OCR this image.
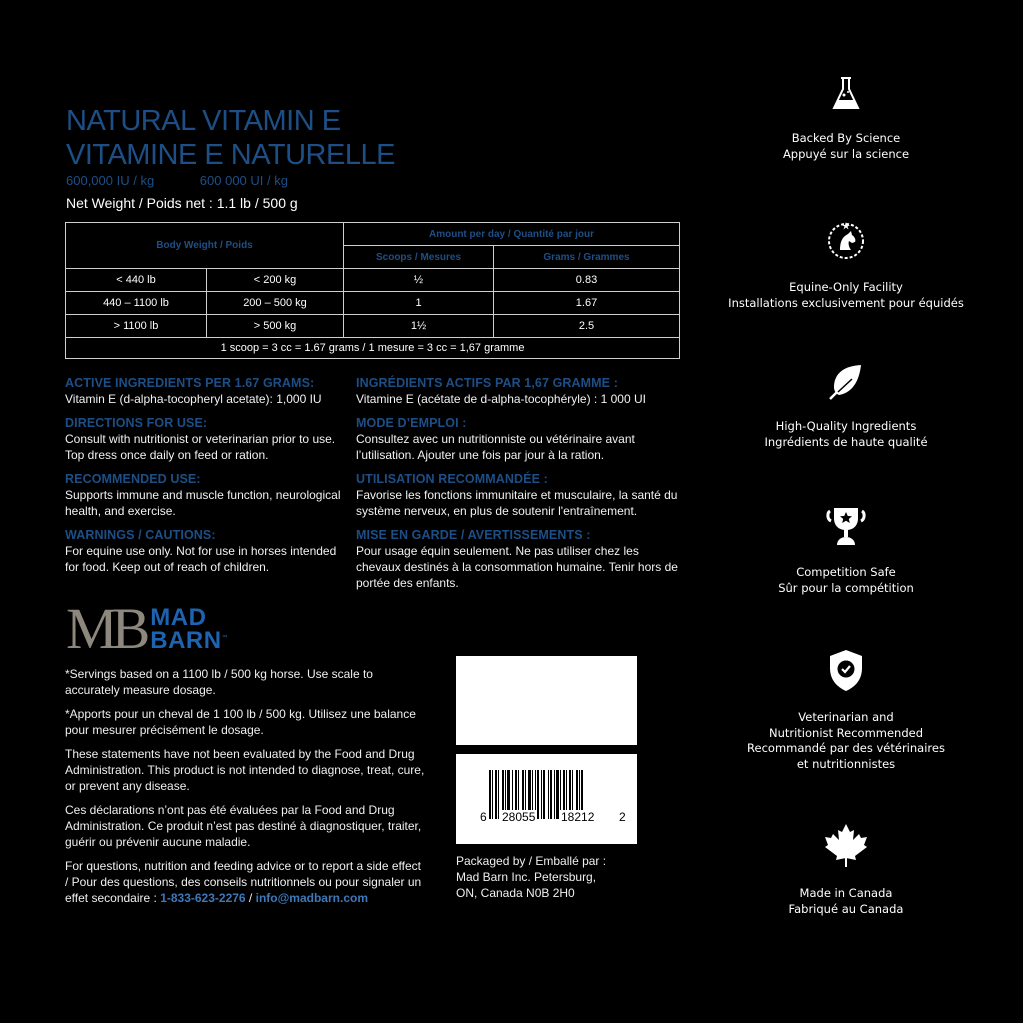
NATURAL VITAMIN E
VITAMINE E NATURELLE
600,000 IU / kg	600 000 UI / kg
Net Weight / Poids net : 1.1 lb / 500 g
Body Weight / Poids		Amount per day / Quantité par jour	
		Scoops / Mesures	Grams / Grammes
< 440 lb	< 200 kg	½	0.83
440 – 1100 lb	200 – 500 kg	1	1.67
> 1100 lb	> 500 kg	1½	2.5
1 scoop = 3 cc = 1.67 grams / 1 mesure = 3 cc = 1,67 gramme			
ACTIVE INGREDIENTS PER 1.67 GRAMS:

Vitamin E (d-alpha-tocopheryl acetate): 1,000 IU

DIRECTIONS FOR USE:

Consult with nutritionist or veterinarian prior to use. Top dress once daily on feed or ration.

RECOMMENDED USE:

Supports immune and muscle function, neurological health, and exercise.

WARNINGS / CAUTIONS:

For equine use only. Not for use in horses intended for food. Keep out of reach of children.

INGRÉDIENTS ACTIFS PAR 1,67 GRAMME :

Vitamine E (acétate de d-alpha-tocophéryle) : 1 000 UI

MODE D’EMPLOI :

Consultez avec un nutritionniste ou vétérinaire avant l’utilisation. Ajouter une fois par jour à la ration.

UTILISATION RECOMMANDÉE :

Favorise les fonctions immunitaire et musculaire, la santé du système nerveux, en plus de soutenir l'entraînement.

MISE EN GARDE / AVERTISSEMENTS :

Pour usage équin seulement. Ne pas utiliser chez les chevaux destinés à la consommation humaine. Tenir hors de portée des enfants.

MB MAD
BARN™

*Servings based on a 1100 lb / 500 kg horse. Use scale to accurately measure dosage.

*Apports pour un cheval de 1 100 lb / 500 kg. Utilisez une balance pour mesurer précisément le dosage.

These statements have not been evaluated by the Food and Drug Administration. This product is not intended to diagnose, treat, cure, or prevent any disease.

Ces déclarations n’ont pas été évaluées par la Food and Drug Administration. Ce produit n’est pas destiné à diagnostiquer, traiter, guérir ou prévenir aucune maladie.

For questions, nutrition and feeding advice or to report a side effect / Pour des questions, des conseils nutritionnels ou pour signaler un effet secondaire : 1-833-623-2276 / info@madbarn.com

6 28055 18212 2
Packaged by / Emballé par :
Mad Barn Inc. Petersburg,
ON, Canada N0B 2H0
Backed By Science
Appuyé sur la science
Equine-Only Facility
Installations exclusivement pour équidés
High-Quality Ingredients
Ingrédients de haute qualité
Competition Safe
Sûr pour la compétition
Veterinarian and
Nutritionist Recommended
Recommandé par des vétérinaires
et nutritionnistes
Made in Canada
Fabriqué au Canada
